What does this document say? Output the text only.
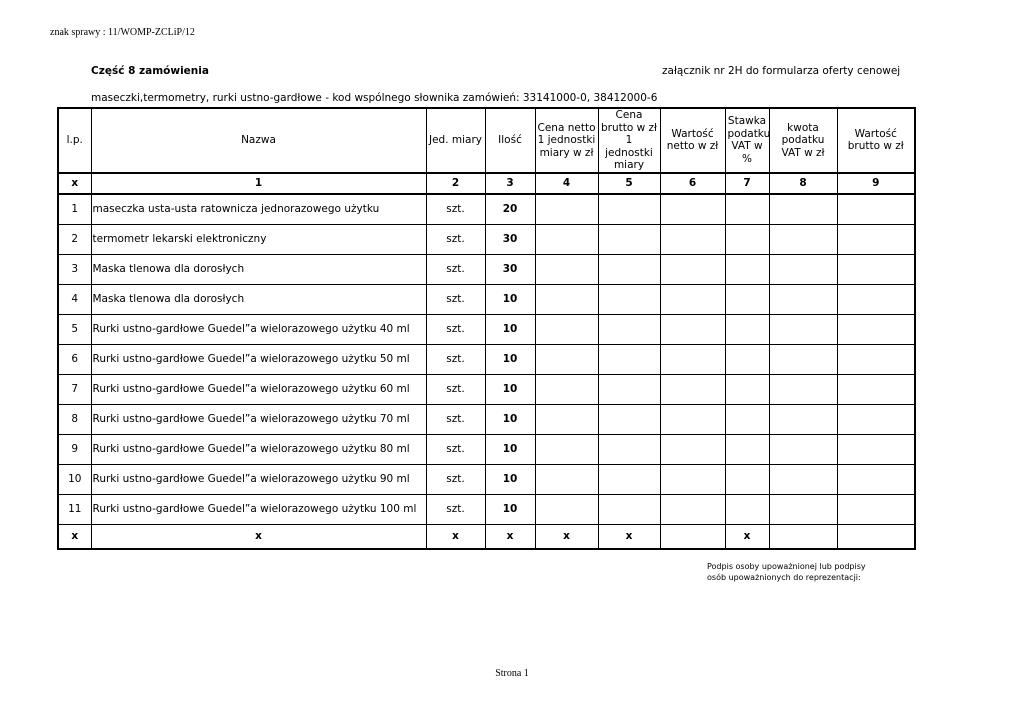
znak sprawy : 11/WOMP-ZCLiP/12
Część 8 zamówienia	załącznik nr 2H do formularza oferty cenowej
maseczki,termometry, rurki ustno-gardłowe - kod wspólnego słownika zamówień: 33141000-0, 38412000-6
l.p.	Nazwa	Jed. miary	Ilość	Cena netto 1 jednostki miary w zł	Cena brutto w zł 1 jednostki miary	Wartość netto w zł	Stawka podatku VAT w %	kwota podatku VAT w zł	Wartość brutto w zł
x	1	2	3	4	5	6	7	8	9
1	maseczka usta-usta ratownicza jednorazowego użytku	szt.	20						
2	termometr lekarski elektroniczny	szt.	30						
3	Maska tlenowa dla dorosłych	szt.	30						
4	Maska tlenowa dla dorosłych	szt.	10						
5	Rurki ustno-gardłowe Guedel”a wielorazowego użytku 40 ml	szt.	10						
6	Rurki ustno-gardłowe Guedel”a wielorazowego użytku 50 ml	szt.	10						
7	Rurki ustno-gardłowe Guedel”a wielorazowego użytku 60 ml	szt.	10						
8	Rurki ustno-gardłowe Guedel”a wielorazowego użytku 70 ml	szt.	10						
9	Rurki ustno-gardłowe Guedel”a wielorazowego użytku 80 ml	szt.	10						
10	Rurki ustno-gardłowe Guedel”a wielorazowego użytku 90 ml	szt.	10						
11	Rurki ustno-gardłowe Guedel”a wielorazowego użytku 100 ml	szt.	10						
x	x	x	x	x	x		x		
Podpis osoby upoważnionej lub podpisy
osób upoważnionych do reprezentacji:
Strona 1
